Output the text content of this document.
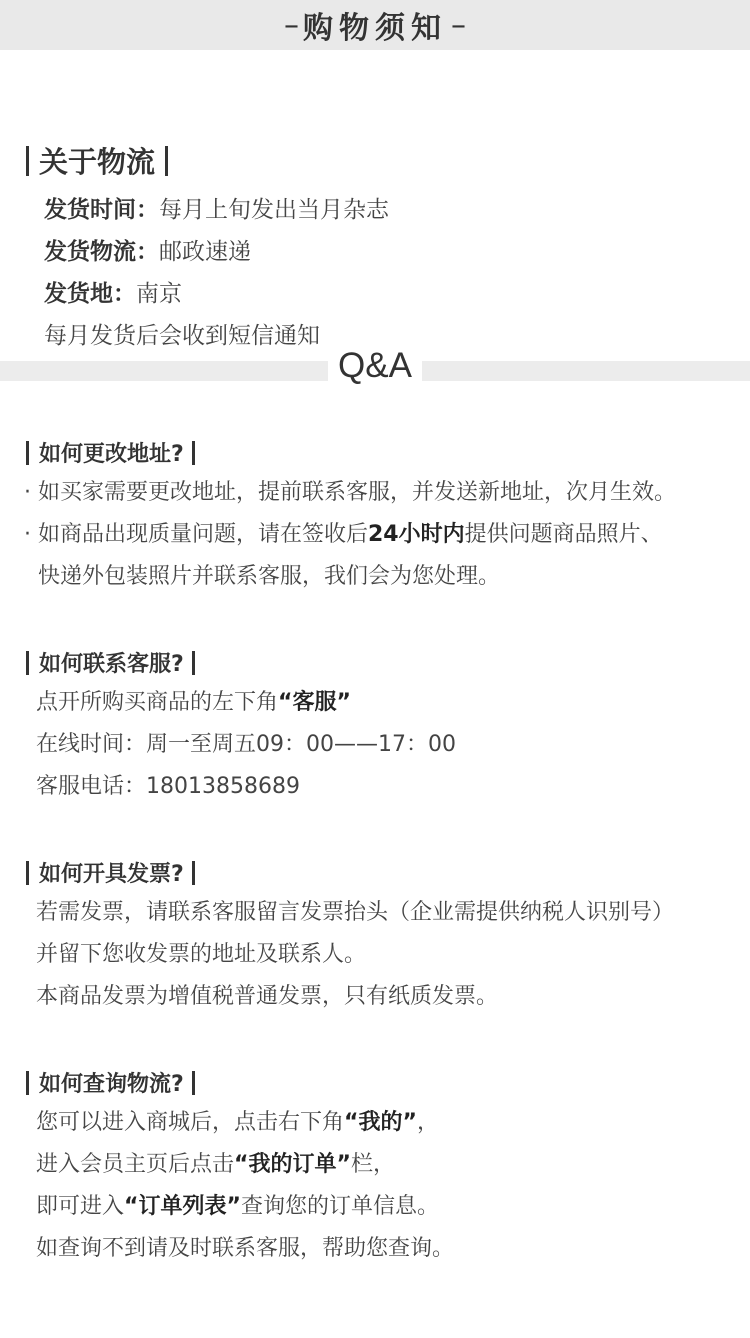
– 购物须知 –
关于物流
发货时间：每月上旬发出当月杂志
发货物流：邮政速递
发货地：南京
每月发货后会收到短信通知
Q&A
如何更改地址?
· 如买家需要更改地址，提前联系客服，并发送新地址，次月生效。
· 如商品出现质量问题，请在签收后24小时内提供问题商品照片、
快递外包装照片并联系客服，我们会为您处理。
如何联系客服?
点开所购买商品的左下角“客服”
在线时间：周一至周五09：00——17：00
客服电话：18013858689
如何开具发票?
若需发票，请联系客服留言发票抬头（企业需提供纳税人识别号）
并留下您收发票的地址及联系人。
本商品发票为增值税普通发票，只有纸质发票。
如何查询物流?
您可以进入商城后，点击右下角“我的”，
进入会员主页后点击“我的订单”栏，
即可进入“订单列表”查询您的订单信息。
如查询不到请及时联系客服，帮助您查询。
